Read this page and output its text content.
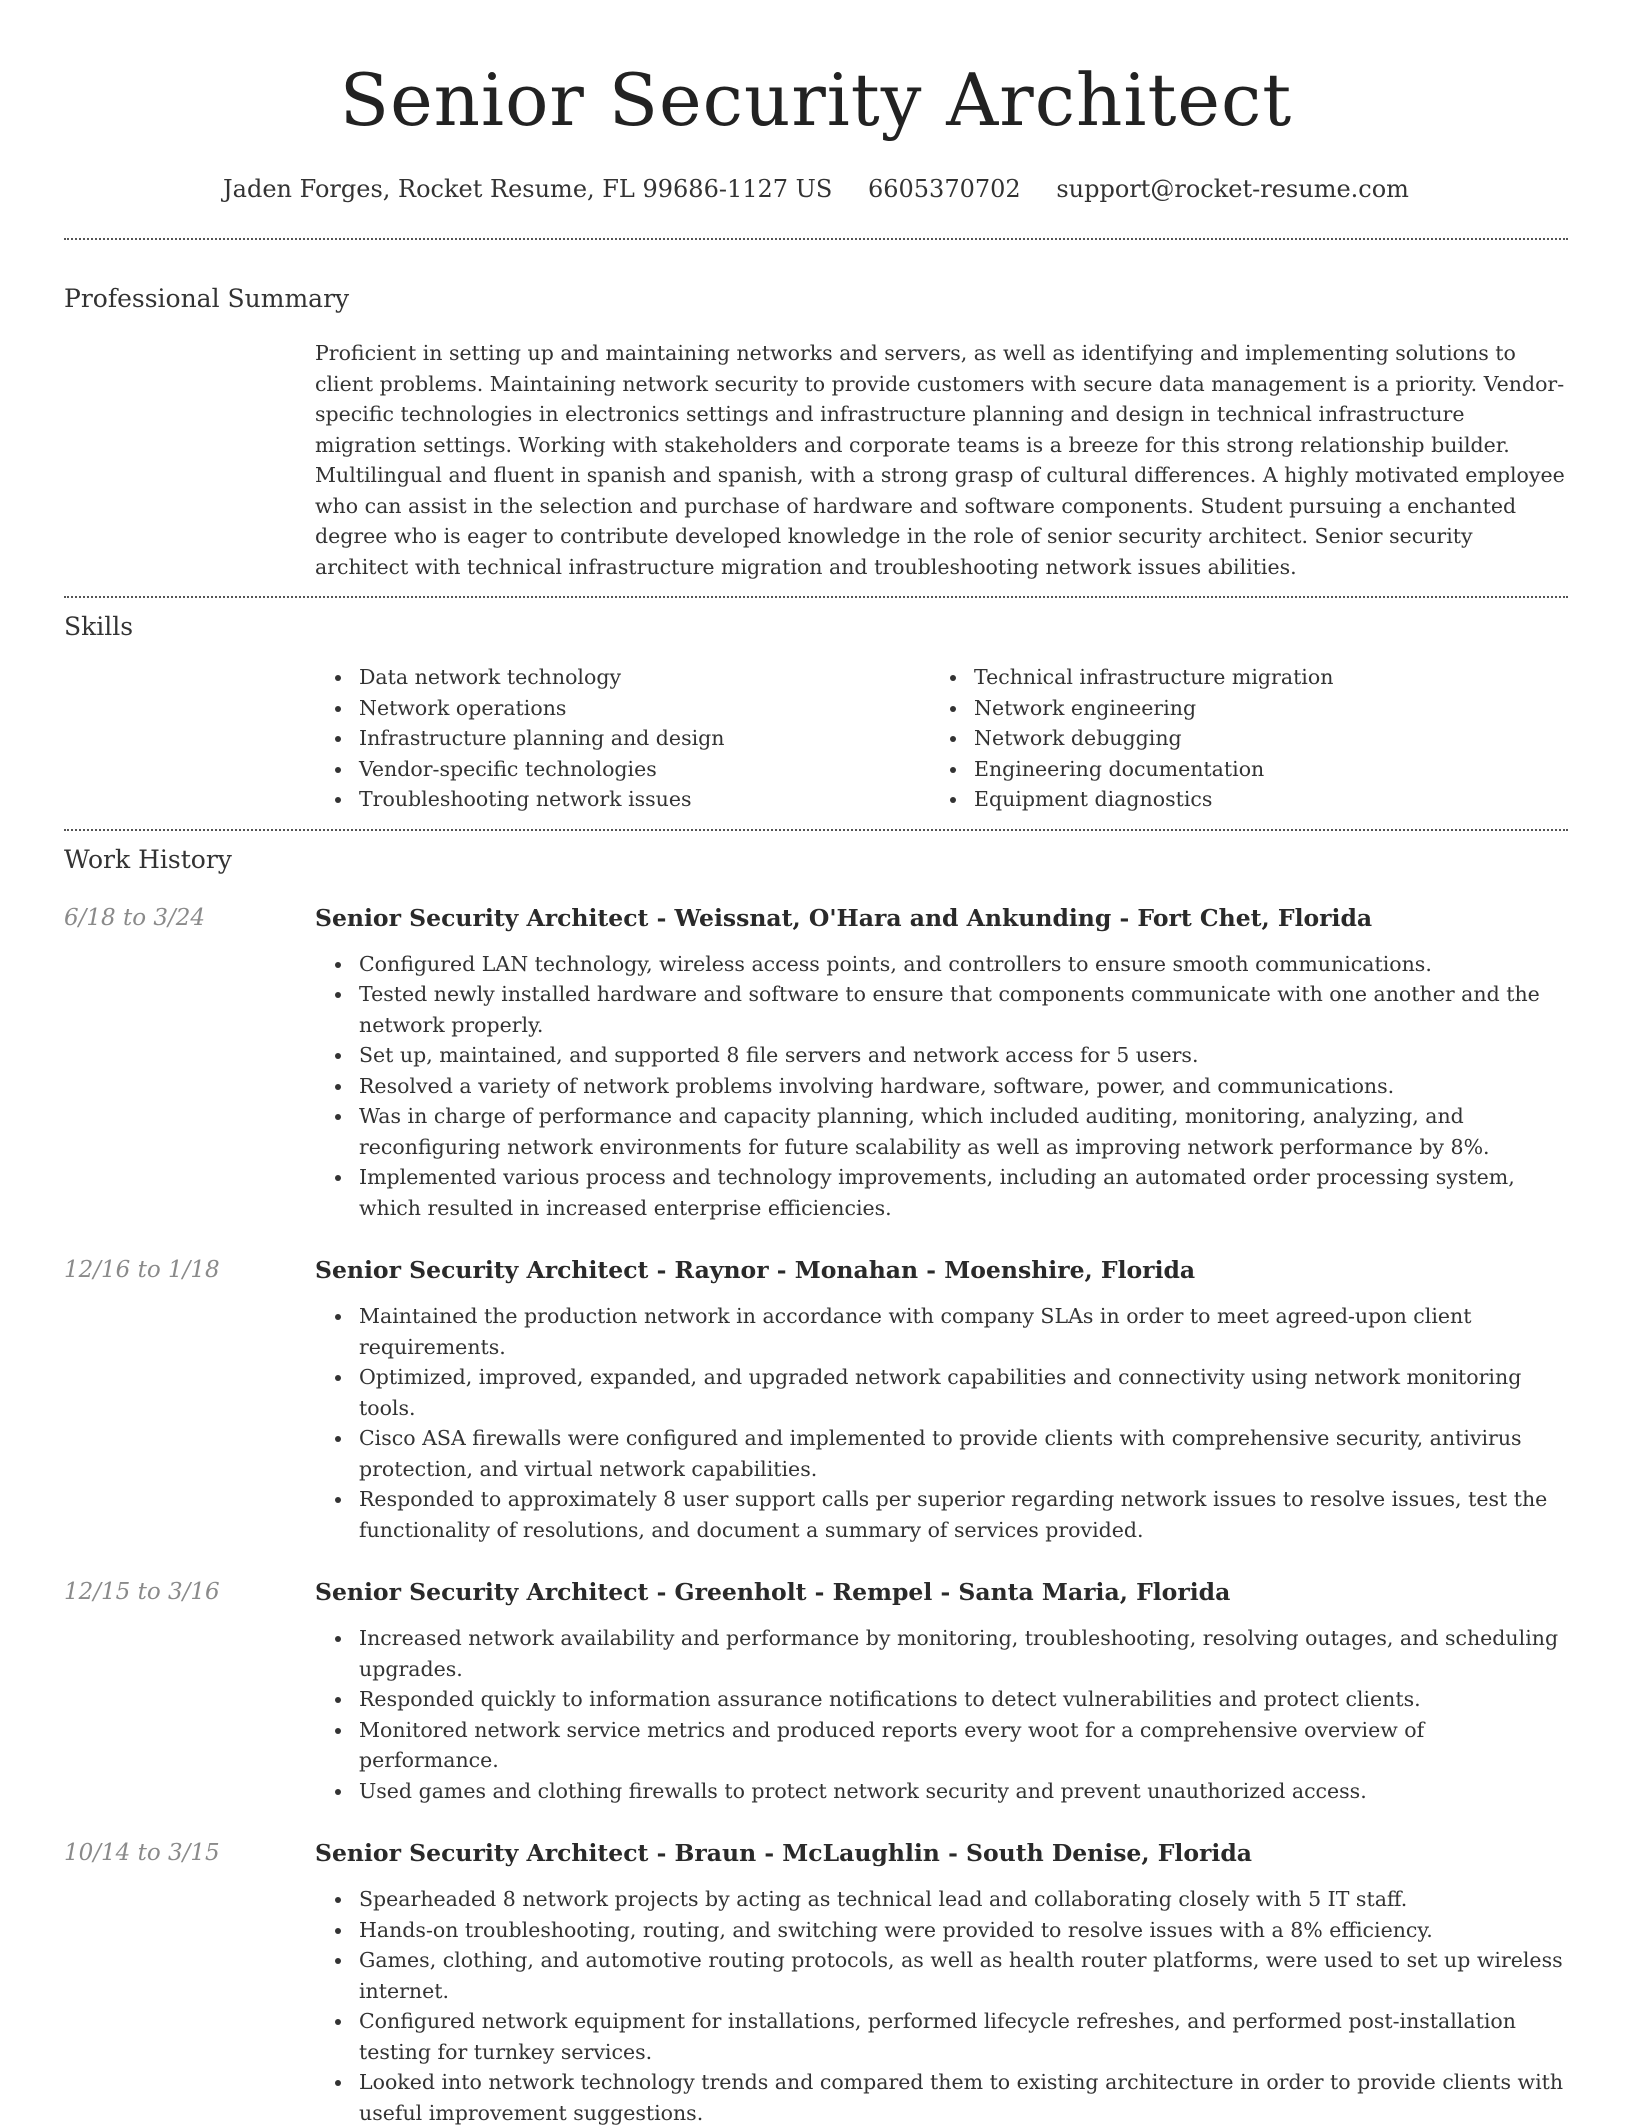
Senior Security Architect
Jaden Forges, Rocket Resume, FL 99686-1127 US 6605370702 support@rocket-resume.com
Professional Summary

Proficient in setting up and maintaining networks and servers, as well as identifying and implementing solutions to client problems. Maintaining network security to provide customers with secure data management is a priority. Vendor-specific technologies in electronics settings and infrastructure planning and design in technical infrastructure migration settings. Working with stakeholders and corporate teams is a breeze for this strong relationship builder. Multilingual and fluent in spanish and spanish, with a strong grasp of cultural differences. A highly motivated employee who can assist in the selection and purchase of hardware and software components. Student pursuing a enchanted degree who is eager to contribute developed knowledge in the role of senior security architect. Senior security architect with technical infrastructure migration and troubleshooting network issues abilities.

Skills
Data network technology
Network operations
Infrastructure planning and design
Vendor-specific technologies
Troubleshooting network issues
Technical infrastructure migration
Network engineering
Network debugging
Engineering documentation
Equipment diagnostics
Work History
6/18 to 3/24	Senior Security Architect - Weissnat, O'Hara and Ankunding - Fort Chet, Florida
Configured LAN technology, wireless access points, and controllers to ensure smooth communications.
Tested newly installed hardware and software to ensure that components communicate with one another and the network properly.
Set up, maintained, and supported 8 file servers and network access for 5 users.
Resolved a variety of network problems involving hardware, software, power, and communications.
Was in charge of performance and capacity planning, which included auditing, monitoring, analyzing, and reconfiguring network environments for future scalability as well as improving network performance by 8%.
Implemented various process and technology improvements, including an automated order processing system, which resulted in increased enterprise efficiencies.
12/16 to 1/18	Senior Security Architect - Raynor - Monahan - Moenshire, Florida
Maintained the production network in accordance with company SLAs in order to meet agreed-upon client requirements.
Optimized, improved, expanded, and upgraded network capabilities and connectivity using network monitoring tools.
Cisco ASA firewalls were configured and implemented to provide clients with comprehensive security, antivirus protection, and virtual network capabilities.
Responded to approximately 8 user support calls per superior regarding network issues to resolve issues, test the functionality of resolutions, and document a summary of services provided.
12/15 to 3/16	Senior Security Architect - Greenholt - Rempel - Santa Maria, Florida
Increased network availability and performance by monitoring, troubleshooting, resolving outages, and scheduling upgrades.
Responded quickly to information assurance notifications to detect vulnerabilities and protect clients.
Monitored network service metrics and produced reports every woot for a comprehensive overview of performance.
Used games and clothing firewalls to protect network security and prevent unauthorized access.
10/14 to 3/15	Senior Security Architect - Braun - McLaughlin - South Denise, Florida
Spearheaded 8 network projects by acting as technical lead and collaborating closely with 5 IT staff.
Hands-on troubleshooting, routing, and switching were provided to resolve issues with a 8% efficiency.
Games, clothing, and automotive routing protocols, as well as health router platforms, were used to set up wireless internet.
Configured network equipment for installations, performed lifecycle refreshes, and performed post-installation testing for turnkey services.
Looked into network technology trends and compared them to existing architecture in order to provide clients with useful improvement suggestions.
